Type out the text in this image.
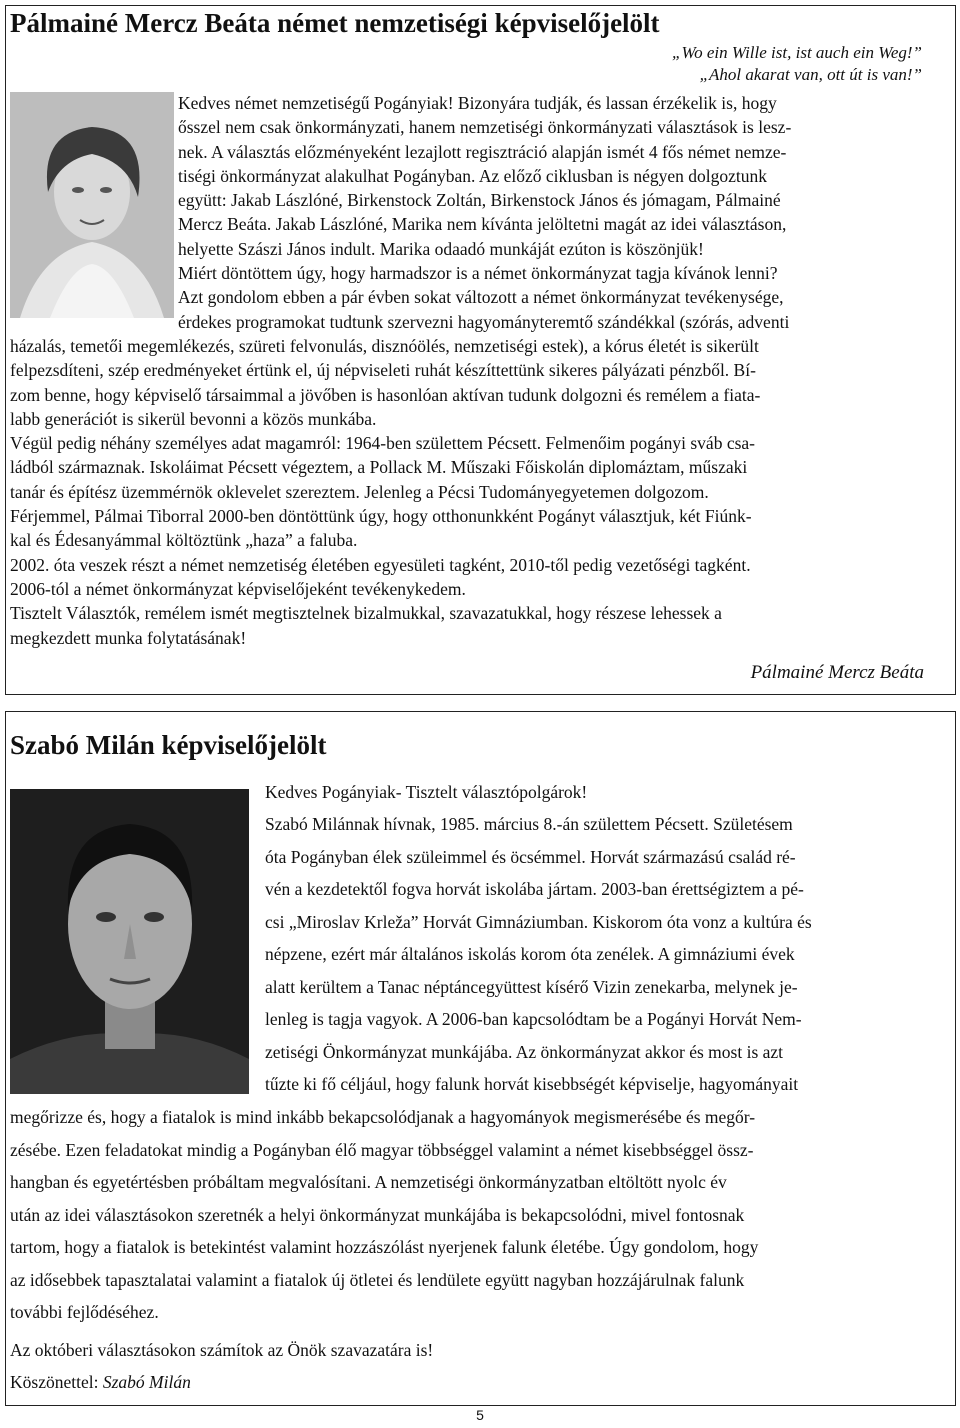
Pálmainé Mercz Beáta német nemzetiségi képviselőjelölt
„Wo ein Wille ist, ist auch ein Weg!”
„Ahol akarat van, ott út is van!”
Kedves német nemzetiségű Pogányiak! Bizonyára tudják, és lassan érzékelik is, hogy
ősszel nem csak önkormányzati, hanem nemzetiségi önkormányzati választások is lesz-
nek. A választás előzményeként lezajlott regisztráció alapján ismét 4 fős német nemze-
tiségi önkormányzat alakulhat Pogányban. Az előző ciklusban is négyen dolgoztunk
együtt: Jakab Lászlóné, Birkenstock Zoltán, Birkenstock János és jómagam, Pálmainé
Mercz Beáta. Jakab Lászlóné, Marika nem kívánta jelöltetni magát az idei választáson,
helyette Szászi János indult. Marika odaadó munkáját ezúton is köszönjük!
Miért döntöttem úgy, hogy harmadszor is a német önkormányzat tagja kívánok lenni?
Azt gondolom ebben a pár évben sokat változott a német önkormányzat tevékenysége,
érdekes programokat tudtunk szervezni hagyományteremtő szándékkal (szórás, adventi
házalás, temetői megemlékezés, szüreti felvonulás, disznóölés, nemzetiségi estek), a kórus életét is sikerült
felpezsdíteni, szép eredményeket értünk el, új népviseleti ruhát készíttettünk sikeres pályázati pénzből. Bí-
zom benne, hogy képviselő társaimmal a jövőben is hasonlóan aktívan tudunk dolgozni és remélem a fiata-
labb generációt is sikerül bevonni a közös munkába.
Végül pedig néhány személyes adat magamról: 1964-ben születtem Pécsett. Felmenőim pogányi sváb csa-
ládból származnak. Iskoláimat Pécsett végeztem, a Pollack M. Műszaki Főiskolán diplomáztam, műszaki
tanár és építész üzemmérnök oklevelet szereztem. Jelenleg a Pécsi Tudományegyetemen dolgozom.
Férjemmel, Pálmai Tiborral 2000-ben döntöttünk úgy, hogy otthonunkként Pogányt választjuk, két Fiúnk-
kal és Édesanyámmal költöztünk „haza” a faluba.
2002. óta veszek részt a német nemzetiség életében egyesületi tagként, 2010-től pedig vezetőségi tagként.
2006-tól a német önkormányzat képviselőjeként tevékenykedem.
Tisztelt Választók, remélem ismét megtisztelnek bizalmukkal, szavazatukkal, hogy részese lehessek a
megkezdett munka folytatásának!
Pálmainé Mercz Beáta
Szabó Milán képviselőjelölt
Kedves Pogányiak- Tisztelt választópolgárok!
Szabó Milánnak hívnak, 1985. március 8.-án születtem Pécsett. Születésem
óta Pogányban élek szüleimmel és öcsémmel. Horvát származású család ré-
vén a kezdetektől fogva horvát iskolába jártam. 2003-ban érettségiztem a pé-
csi „Miroslav Krleža” Horvát Gimnáziumban. Kiskorom óta vonz a kultúra és
népzene, ezért már általános iskolás korom óta zenélek. A gimnáziumi évek
alatt kerültem a Tanac néptáncegyüttest kísérő Vizin zenekarba, melynek je-
lenleg is tagja vagyok. A 2006-ban kapcsolódtam be a Pogányi Horvát Nem-
zetiségi Önkormányzat munkájába. Az önkormányzat akkor és most is azt
tűzte ki fő céljául, hogy falunk horvát kisebbségét képviselje, hagyományait
megőrizze és, hogy a fiatalok is mind inkább bekapcsolódjanak a hagyományok megismerésébe és megőr-
zésébe. Ezen feladatokat mindig a Pogányban élő magyar többséggel valamint a német kisebbséggel össz-
hangban és egyetértésben próbáltam megvalósítani. A nemzetiségi önkormányzatban eltöltött nyolc év
után az idei választásokon szeretnék a helyi önkormányzat munkájába is bekapcsolódni, mivel fontosnak
tartom, hogy a fiatalok is betekintést valamint hozzászólást nyerjenek falunk életébe. Úgy gondolom, hogy
az idősebbek tapasztalatai valamint a fiatalok új ötletei és lendülete együtt nagyban hozzájárulnak falunk
további fejlődéséhez.
Az októberi választásokon számítok az Önök szavazatára is!
Köszönettel: Szabó Milán
5
